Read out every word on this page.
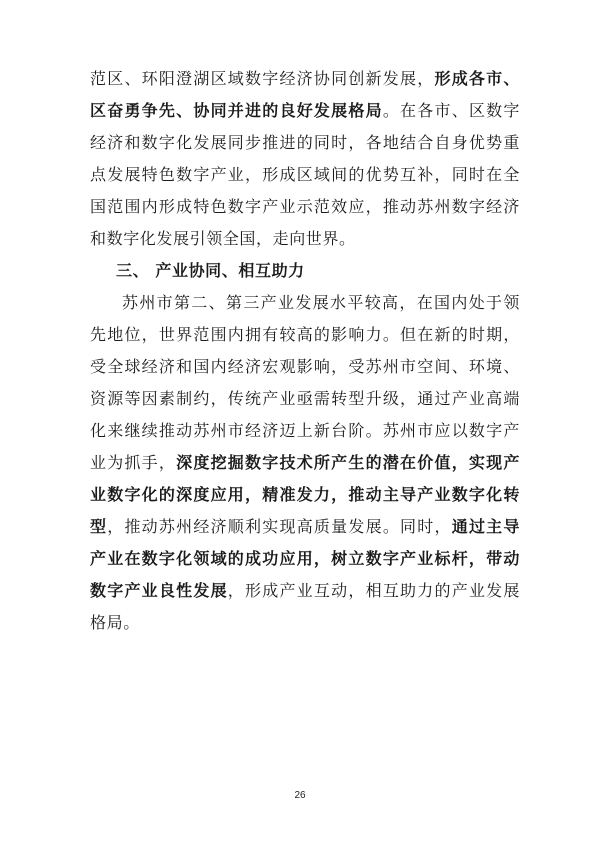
范区、环阳澄湖区域数字经济协同创新发展，形成各市、
区奋勇争先、协同并进的良好发展格局。在各市、区数字
经济和数字化发展同步推进的同时，各地结合自身优势重
点发展特色数字产业，形成区域间的优势互补，同时在全
国范围内形成特色数字产业示范效应，推动苏州数字经济
和数字化发展引领全国，走向世界。
三、 产业协同、相互助力
苏州市第二、第三产业发展水平较高，在国内处于领
先地位，世界范围内拥有较高的影响力。但在新的时期，
受全球经济和国内经济宏观影响，受苏州市空间、环境、
资源等因素制约，传统产业亟需转型升级，通过产业高端
化来继续推动苏州市经济迈上新台阶。苏州市应以数字产
业为抓手，深度挖掘数字技术所产生的潜在价值，实现产
业数字化的深度应用，精准发力，推动主导产业数字化转
型，推动苏州经济顺利实现高质量发展。同时，通过主导
产业在数字化领域的成功应用，树立数字产业标杆，带动
数字产业良性发展，形成产业互动，相互助力的产业发展
格局。
26
